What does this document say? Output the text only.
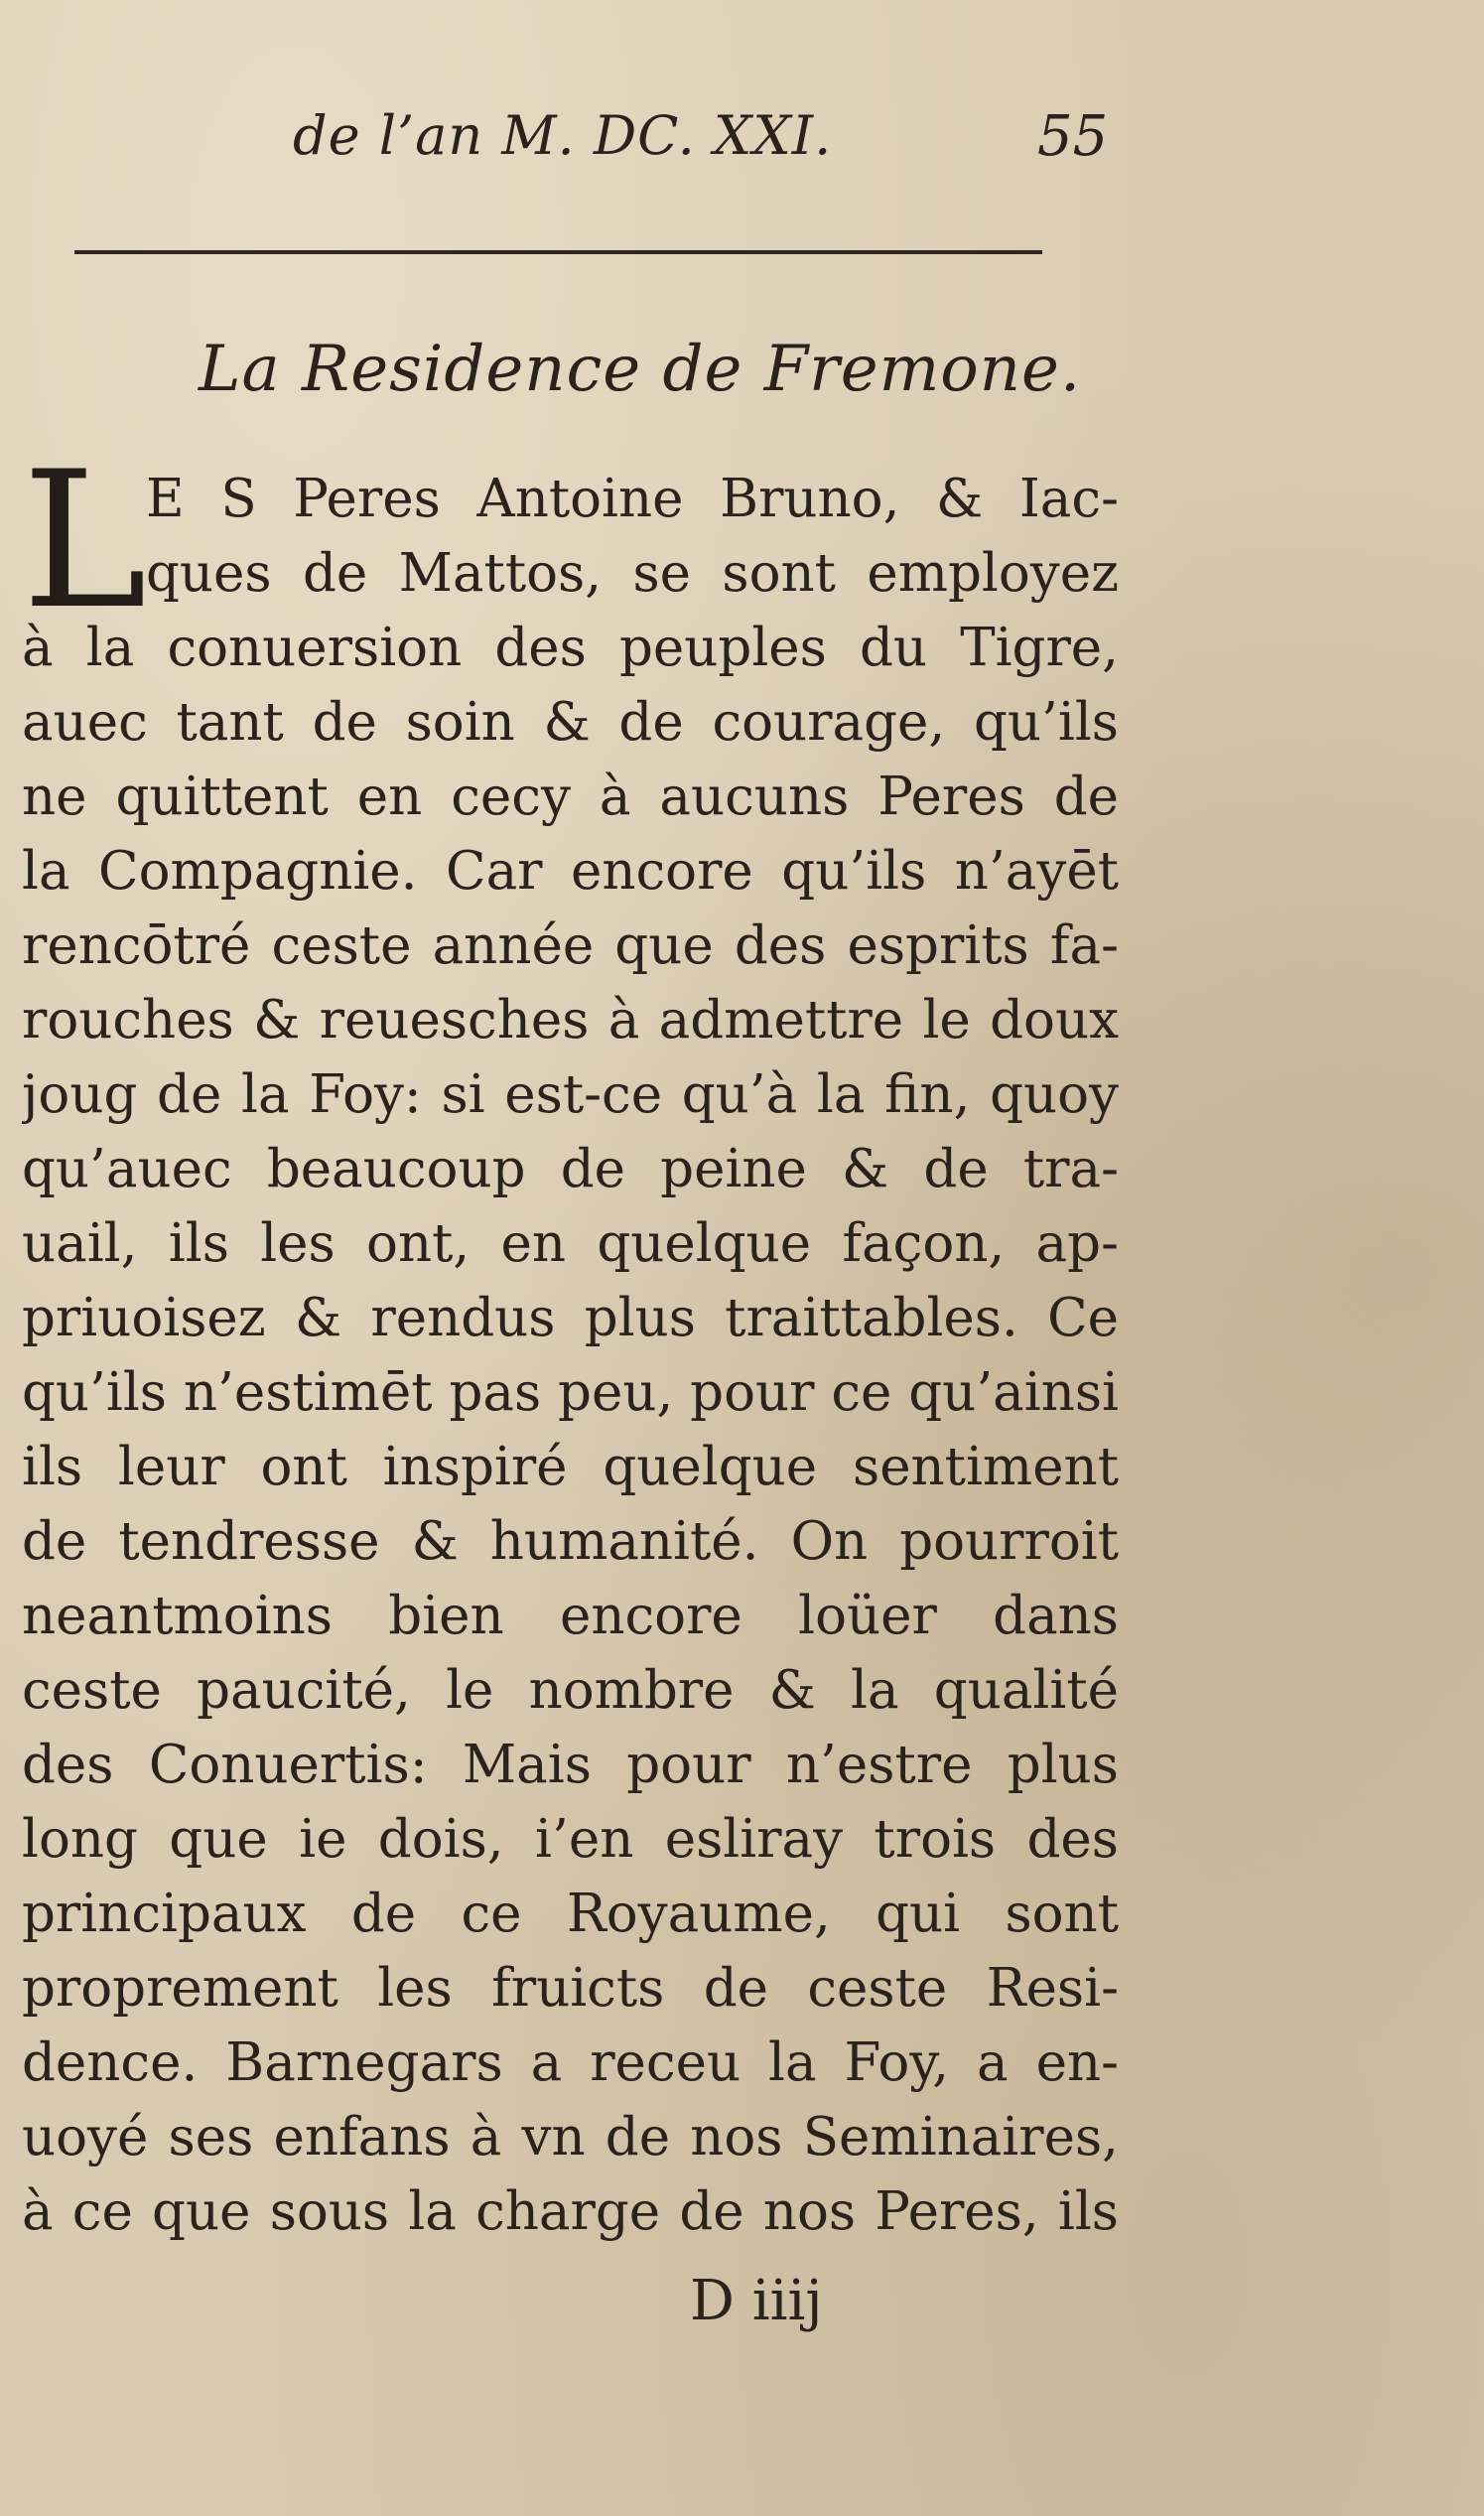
de l’an M. DC. XXI.	55
La Residence de Fremone.
L
E S Peres Antoine Bruno, & Iac-
ques de Mattos, se sont employez
à la conuersion des peuples du Tigre,
auec tant de soin & de courage, qu’ils
ne quittent en cecy à aucuns Peres de
la Compagnie. Car encore qu’ils n’ayēt
rencōtré ceste année que des esprits fa-
rouches & reuesches à admettre le doux
joug de la Foy: si est-ce qu’à la fin, quoy
qu’auec beaucoup de peine & de tra-
uail, ils les ont, en quelque façon, ap-
priuoisez & rendus plus traittables. Ce
qu’ils n’estimēt pas peu, pour ce qu’ainsi
ils leur ont inspiré quelque sentiment
de tendresse & humanité. On pourroit
neantmoins bien encore loüer dans
ceste paucité, le nombre & la qualité
des Conuertis: Mais pour n’estre plus
long que ie dois, i’en esliray trois des
principaux de ce Royaume, qui sont
proprement les fruicts de ceste Resi-
dence. Barnegars a receu la Foy, a en-
uoyé ses enfans à vn de nos Seminaires,
à ce que sous la charge de nos Peres, ils
D iiij
